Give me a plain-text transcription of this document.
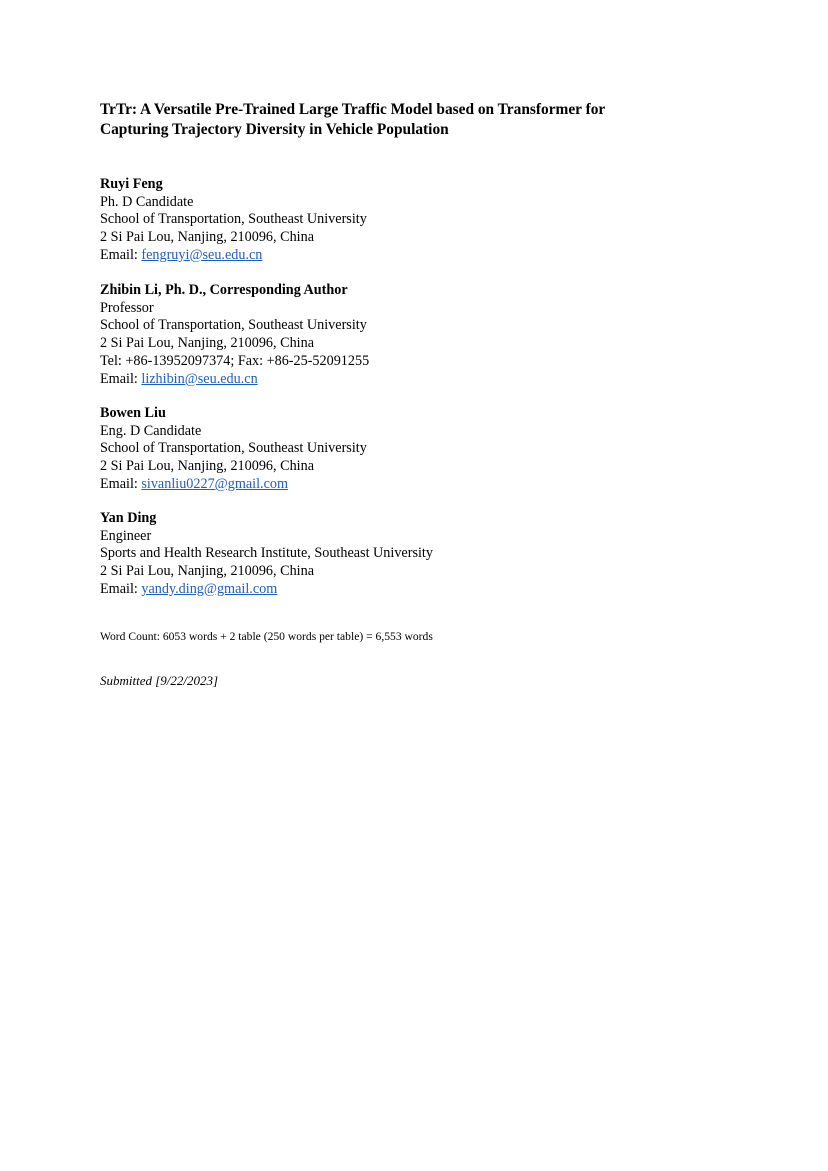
TrTr: A Versatile Pre-Trained Large Traffic Model based on Transformer for
Capturing Trajectory Diversity in Vehicle Population
Ruyi Feng
Ph. D Candidate
School of Transportation, Southeast University
2 Si Pai Lou, Nanjing, 210096, China
Email: fengruyi@seu.edu.cn
Zhibin Li, Ph. D., Corresponding Author
Professor
School of Transportation, Southeast University
2 Si Pai Lou, Nanjing, 210096, China
Tel: +86-13952097374; Fax: +86-25-52091255
Email: lizhibin@seu.edu.cn
Bowen Liu
Eng. D Candidate
School of Transportation, Southeast University
2 Si Pai Lou, Nanjing, 210096, China
Email: sivanliu0227@gmail.com
Yan Ding
Engineer
Sports and Health Research Institute, Southeast University
2 Si Pai Lou, Nanjing, 210096, China
Email: yandy.ding@gmail.com
Word Count: 6053 words + 2 table (250 words per table) = 6,553 words
Submitted [9/22/2023]
